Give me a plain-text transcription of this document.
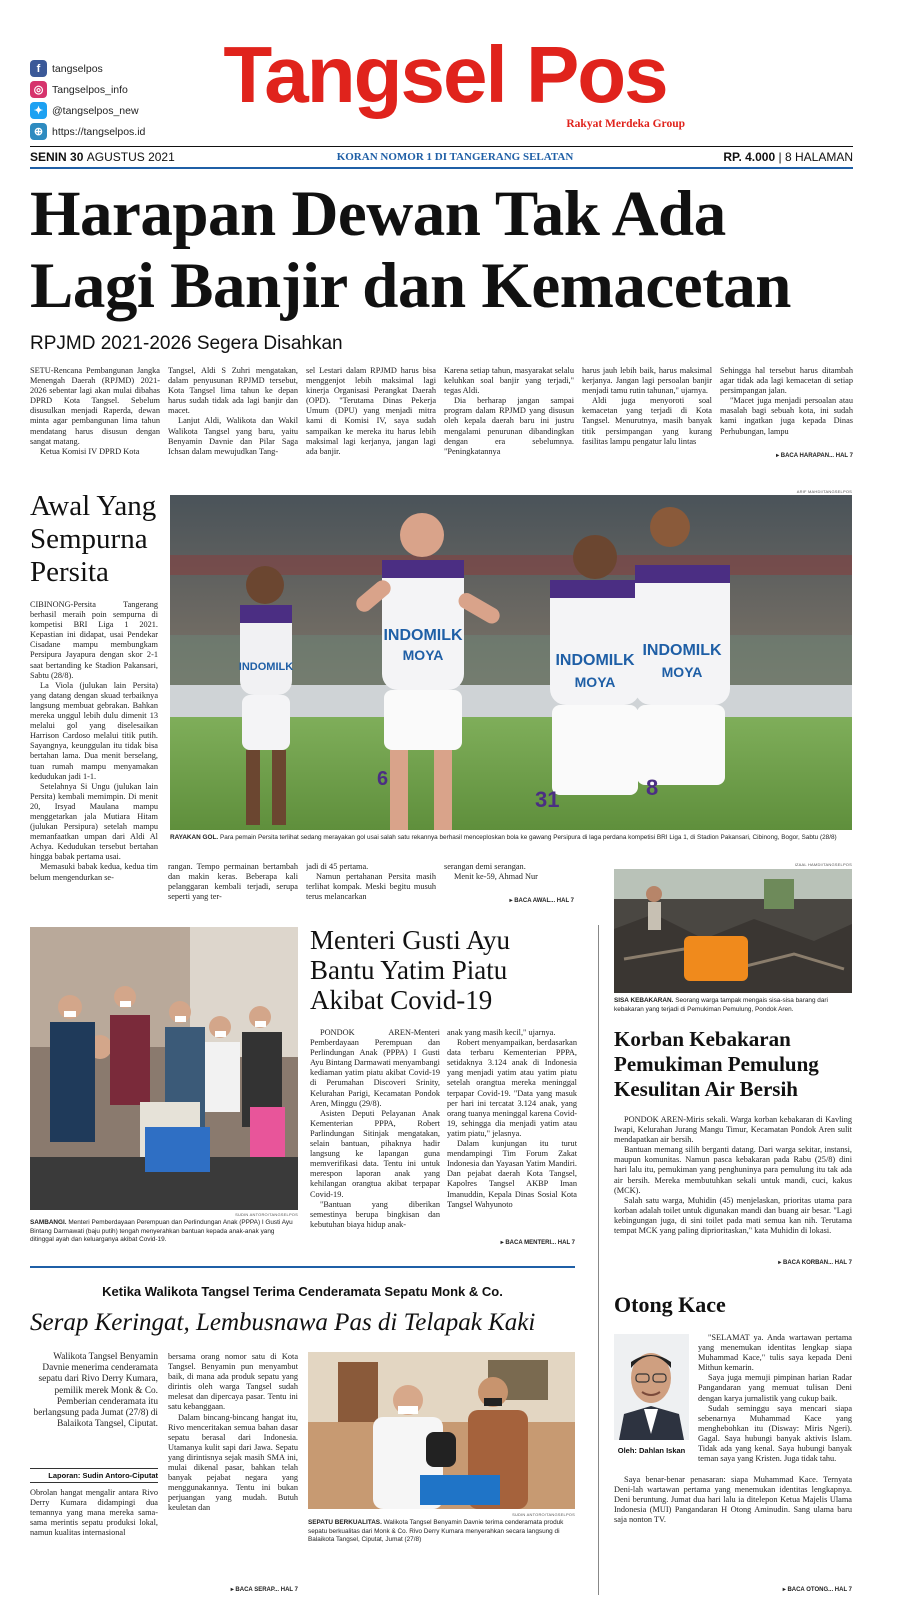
f	tangselpos
◎ Tangselpos_info
✦ @tangselpos_new
⊕ https://tangselpos.id
Tangsel Pos
Rakyat Merdeka Group
SENIN 30 AGUSTUS 2021	KORAN NOMOR 1 DI TANGERANG SELATAN	RP. 4.000 | 8 HALAMAN
Harapan Dewan Tak Ada
Lagi Banjir dan Kemacetan
RPJMD 2021-2026 Segera Disahkan

SETU-Rencana Pembangunan Jangka Menengah Daerah (RPJMD) 2021-2026 sebentar lagi akan mulai dibahas DPRD Kota Tangsel. Sebelum disusulkan menjadi Raperda, dewan minta agar pembangunan lima tahun mendatang harus disusun dengan sangat matang.

Ketua Komisi IV DPRD Kota

Tangsel, Aldi S Zuhri mengatakan, dalam penyusunan RPJMD tersebut, Kota Tangsel lima tahun ke depan harus sudah tidak ada lagi banjir dan macet.

Lanjut Aldi, Walikota dan Wakil Walikota Tangsel yang baru, yaitu Benyamin Davnie dan Pilar Saga Ichsan dalam mewujudkan Tang-

sel Lestari dalam RPJMD harus bisa menggenjot lebih maksimal lagi kinerja Organisasi Perangkat Daerah (OPD). "Terutama Dinas Pekerja Umum (DPU) yang menjadi mitra kami di Komisi IV, saya sudah sampaikan ke mereka itu harus lebih maksimal lagi kerjanya, jangan lagi ada banjir.

Karena setiap tahun, masyarakat selalu keluhkan soal banjir yang terjadi," tegas Aldi.

Dia berharap jangan sampai program dalam RPJMD yang disusun oleh kepala daerah baru ini justru mengalami penurunan dibandingkan dengan era sebelumnya. "Peningkatannya

harus jauh lebih baik, harus maksimal kerjanya. Jangan lagi persoalan banjir menjadi tamu rutin tahunan," ujarnya.

Aldi juga menyoroti soal kemacetan yang terjadi di Kota Tangsel. Menurutnya, masih banyak titik persimpangan yang kurang fasilitas lampu pengatur lalu lintas

Sehingga hal tersebut harus ditambah agar tidak ada lagi kemacetan di setiap persimpangan jalan.

"Macet juga menjadi persoalan atau masalah bagi sebuah kota, ini sudah kami ingatkan juga kepada Dinas Perhubungan, lampu

▸ BACA HARAPAN... HAL 7
Awal Yang
Sempurna
Persita

CIBINONG-Persita Tangerang berhasil meraih poin sempurna di kompetisi BRI Liga 1 2021. Kepastian ini didapat, usai Pendekar Cisadane mampu membungkam Persipura Jayapura dengan skor 2-1 saat bertanding ke Stadion Pakansari, Sabtu (28/8).

La Viola (julukan lain Persita) yang datang dengan skuad terbaiknya langsung membuat gebrakan. Bahkan mereka unggul lebih dulu dimenit 13 melalui gol yang diselesaikan Harrison Cardoso melalui titik putih. Sayangnya, keunggulan itu tidak bisa bertahan lama. Dua menit berselang, tuan rumah mampu menyamakan kedudukan jadi 1-1.

Setelahnya Si Ungu (julukan lain Persita) kembali memimpin. Di menit 20, Irsyad Maulana mampu menggetarkan jala Mutiara Hitam (julukan Persipura) setelah mampu memanfaatkan umpan dari Aldi Al Achya. Kedudukan tersebut bertahan hingga babak pertama usai.

Memasuki babak kedua, kedua tim belum mengendurkan se-

ARIF MAHDI/TANGSELPOS
INDOMILK
INDOMILK
MOYA
6
INDOMILK
MOYA
31
INDOMILK
MOYA
8
RAYAKAN GOL. Para pemain Persita terlihat sedang merayakan gol usai salah satu rekannya berhasil menceploskan bola ke gawang Persipura di laga perdana kompetisi BRI Liga 1, di Stadion Pakansari, Cibinong, Bogor, Sabtu (28/8)

rangan. Tempo permainan bertambah dan makin keras. Beberapa kali pelanggaran kembali terjadi, serupa seperti yang ter-

jadi di 45 pertama.

Namun pertahanan Persita masih terlihat kompak. Meski begitu musuh terus melancarkan

serangan demi serangan.

Menit ke-59, Ahmad Nur

▸ BACA AWAL... HAL 7
IZAAL HAMDI/TANGSELPOS
SISA KEBAKARAN. Seorang warga tampak mengais sisa-sisa barang dari kebakaran yang terjadi di Pemukiman Pemulung, Pondok Aren.
Korban Kebakaran
Pemukiman Pemulung
Kesulitan Air Bersih

PONDOK AREN-Miris sekali. Warga korban kebakaran di Kavling Iwapi, Kelurahan Jurang Mangu Timur, Kecamatan Pondok Aren sulit mendapatkan air bersih.

Bantuan memang silih berganti datang. Dari warga sekitar, instansi, maupun komunitas. Namun pasca kebakaran pada Rabu (25/8) dini hari lalu itu, pemukiman yang penghuninya para pemulung itu tak ada air bersih. Mereka membutuhkan sekali untuk mandi, cuci, kakus (MCK).

Salah satu warga, Muhidin (45) menjelaskan, prioritas utama para korban adalah toilet untuk digunakan mandi dan buang air besar. "Lagi kebingungan juga, di sini toilet pada mati semua kan nih. Terutama tempat MCK yang paling diprioritaskan," kata Muhidin di lokasi.

▸ BACA KORBAN... HAL 7
SUDIN ANTORO/TANGSELPOS
SAMBANGI. Menteri Pemberdayaan Perempuan dan Perlindungan Anak (PPPA) I Gusti Ayu Bintang Darmawati (baju putih) tengah menyerahkan bantuan kepada anak-anak yang ditinggal ayah dan keluarganya akibat Covid-19.
Menteri Gusti Ayu
Bantu Yatim Piatu
Akibat Covid-19

PONDOK AREN-Menteri Pemberdayaan Perempuan dan Perlindungan Anak (PPPA) I Gusti Ayu Bintang Darmawati menyambangi kediaman yatim piatu akibat Covid-19 di Perumahan Discoveri Srinity, Kelurahan Parigi, Kecamatan Pondok Aren, Minggu (29/8).

Asisten Deputi Pelayanan Anak Kementerian PPPA, Robert Parlindungan Sitinjak mengatakan, selain bantuan, pihaknya hadir langsung ke lapangan guna memverifikasi data. Tentu ini untuk merespon laporan anak yang kehilangan orangtua akibat terpapar Covid-19.

"Bantuan yang diberikan semestinya berupa bingkisan dan kebutuhan biaya hidup anak-

anak yang masih kecil," ujarnya.

Robert menyampaikan, berdasarkan data terbaru Kementerian PPPA, setidaknya 3.124 anak di Indonesia yang menjadi yatim atau yatim piatu setelah orangtua mereka meninggal terpapar Covid-19. "Data yang masuk per hari ini tercatat 3.124 anak, yang orang tuanya meninggal karena Covid-19, sehingga dia menjadi yatim atau yatim piatu," jelasnya.

Dalam kunjungan itu turut mendampingi Tim Forum Zakat Indonesia dan Yayasan Yatim Mandiri. Dan pejabat daerah Kota Tangsel, Kapolres Tangsel AKBP Iman Imanuddin, Kepala Dinas Sosial Kota Tangsel Wahyunoto

▸ BACA MENTERI... HAL 7
Ketika Walikota Tangsel Terima Cenderamata Sepatu Monk & Co.
Serap Keringat, Lembusnawa Pas di Telapak Kaki

Walikota Tangsel Benyamin Davnie menerima cenderamata sepatu dari Rivo Derry Kumara, pemilik merek Monk & Co. Pemberian cenderamata itu berlangsung pada Jumat (27/8) di Balaikota Tangsel, Ciputat.

Laporan: Sudin Antoro-Ciputat

Obrolan hangat mengalir antara Rivo Derry Kumara didampingi dua temannya yang mana mereka sama-sama merintis sepatu produksi lokal, namun kualitas internasional

bersama orang nomor satu di Kota Tangsel. Benyamin pun menyambut baik, di mana ada produk sepatu yang dirintis oleh warga Tangsel sudah melesat dan dipercaya pasar. Tentu ini satu kebanggaan.

Dalam bincang-bincang hangat itu, Rivo menceritakan semua bahan dasar sepatu berasal dari Indonesia. Utamanya kulit sapi dari Jawa. Sepatu yang dirintisnya sejak masih SMA ini, mulai dikenal pasar, bahkan telah banyak pejabat negara yang menggunakannya. Tentu ini bukan perjuangan yang mudah. Butuh keuletan dan

▸ BACA SERAP... HAL 7
SUDIN ANTORO/TANGSELPOS
SEPATU BERKUALITAS. Walikota Tangsel Benyamin Davnie terima cenderamata produk sepatu berkualitas dari Monk & Co. Rivo Derry Kumara menyerahkan secara langsung di Balaikota Tangsel, Ciputat, Jumat (27/8)
Otong Kace
Oleh: Dahlan Iskan

"SELAMAT ya. Anda wartawan pertama yang menemukan identitas lengkap siapa Muhammad Kace," tulis saya kepada Deni Mithun kemarin.

Saya juga memuji pimpinan harian Radar Pangandaran yang memuat tulisan Deni dengan karya jurnalistik yang cukup baik.

Sudah seminggu saya mencari siapa sebenarnya Muhammad Kace yang menghebohkan itu (Disway: Miris Ngeri). Gagal. Saya hubungi banyak aktivis Islam. Tidak ada yang kenal. Saya hubungi banyak teman saya yang Kristen. Juga tidak tahu.

Saya benar-benar penasaran: siapa Muhammad Kace. Ternyata Deni-lah wartawan pertama yang menemukan identitas lengkapnya. Deni beruntung. Jumat dua hari lalu ia ditelepon Ketua Majelis Ulama Indonesia (MUI) Pangandaran H Otong Aminudin. Sang ulama baru saja nonton TV.

▸ BACA OTONG... HAL 7
